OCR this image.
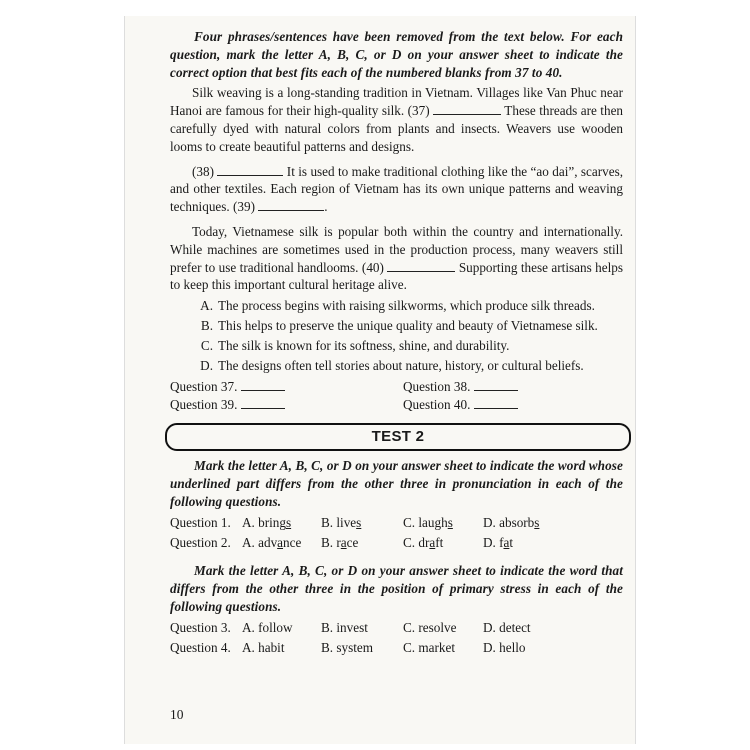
Four phrases/sentences have been removed from the text below. For each question, mark the letter A, B, C, or D on your answer sheet to indicate the correct option that best fits each of the numbered blanks from 37 to 40.

Silk weaving is a long-standing tradition in Vietnam. Villages like Van Phuc near Hanoi are famous for their high-quality silk. (37)	These threads are then carefully dyed with natural colors from plants and insects. Weavers use wooden looms to create beautiful patterns and designs.

(38)	It is used to make traditional clothing like the “ao dai”, scarves, and other textiles. Each region of Vietnam has its own unique patterns and weaving techniques. (39)	.

Today, Vietnamese silk is popular both within the country and internationally. While machines are sometimes used in the production process, many weavers still prefer to use traditional handlooms. (40)	Supporting these artisans helps to keep this important cultural heritage alive.

A. The process begins with raising silkworms, which produce silk threads.
B. This helps to preserve the unique quality and beauty of Vietnamese silk.
C. The silk is known for its softness, shine, and durability.
D. The designs often tell stories about nature, history, or cultural beliefs.
Question 37.	Question 38.
Question 39.	Question 40.
TEST 2

Mark the letter A, B, C, or D on your answer sheet to indicate the word whose underlined part differs from the other three in pronunciation in each of the following questions.

Question 1. A. brings	B. lives	C. laughs	D. absorbs
Question 2. A. advance	B. race	C. draft	D. fat

Mark the letter A, B, C, or D on your answer sheet to indicate the word that differs from the other three in the position of primary stress in each of the following questions.

Question 3. A. follow	B. invest	C. resolve	D. detect
Question 4. A. habit	B. system	C. market	D. hello
10
